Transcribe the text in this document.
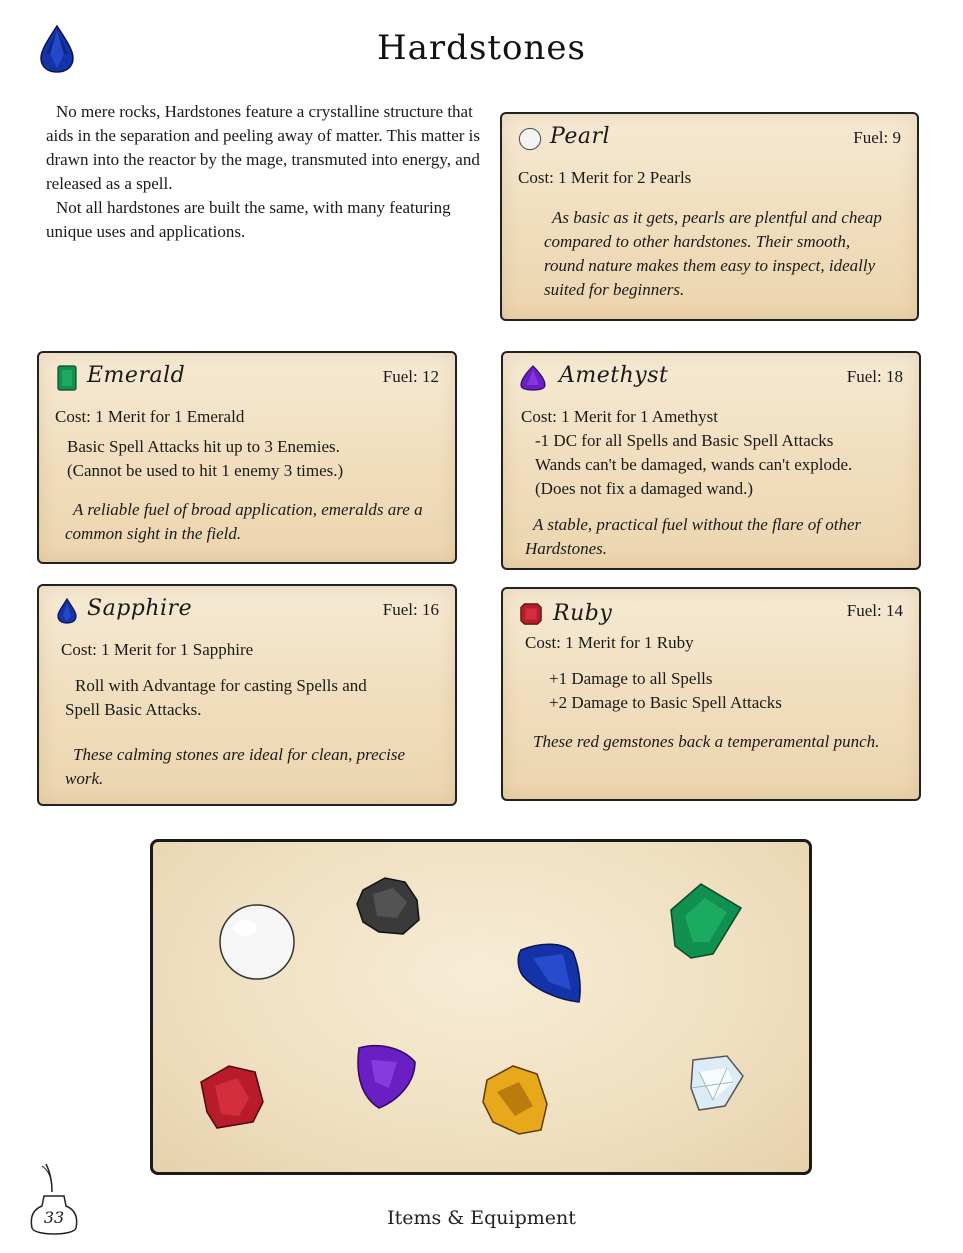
Hardstones

No mere rocks, Hardstones feature a crystalline structure that aids in the separation and peeling away of matter. This matter is drawn into the reactor by the mage, transmuted into energy, and released as a spell.

Not all hardstones are built the same, with many featuring unique uses and applications.

Pearl	Fuel: 9
Cost: 1 Merit for 2 Pearls
As basic as it gets, pearls are plentful and cheap compared to other hardstones. Their smooth, round nature makes them easy to inspect, ideally suited for beginners.
Emerald	Fuel: 12
Cost: 1 Merit for 1 Emerald
Basic Spell Attacks hit up to 3 Enemies.
(Cannot be used to hit 1 enemy 3 times.)
A reliable fuel of broad application, emeralds are a common sight in the field.
Amethyst	Fuel: 18
Cost: 1 Merit for 1 Amethyst
-1 DC for all Spells and Basic Spell Attacks
Wands can't be damaged, wands can't explode.
(Does not fix a damaged wand.)
A stable, practical fuel without the flare of other Hardstones.
Sapphire	Fuel: 16
Cost: 1 Merit for 1 Sapphire
Roll with Advantage for casting Spells and
Spell Basic Attacks.
These calming stones are ideal for clean, precise work.
Ruby	Fuel: 14
Cost: 1 Merit for 1 Ruby
+1 Damage to all Spells
+2 Damage to Basic Spell Attacks
These red gemstones back a temperamental punch.
33	Items & Equipment
